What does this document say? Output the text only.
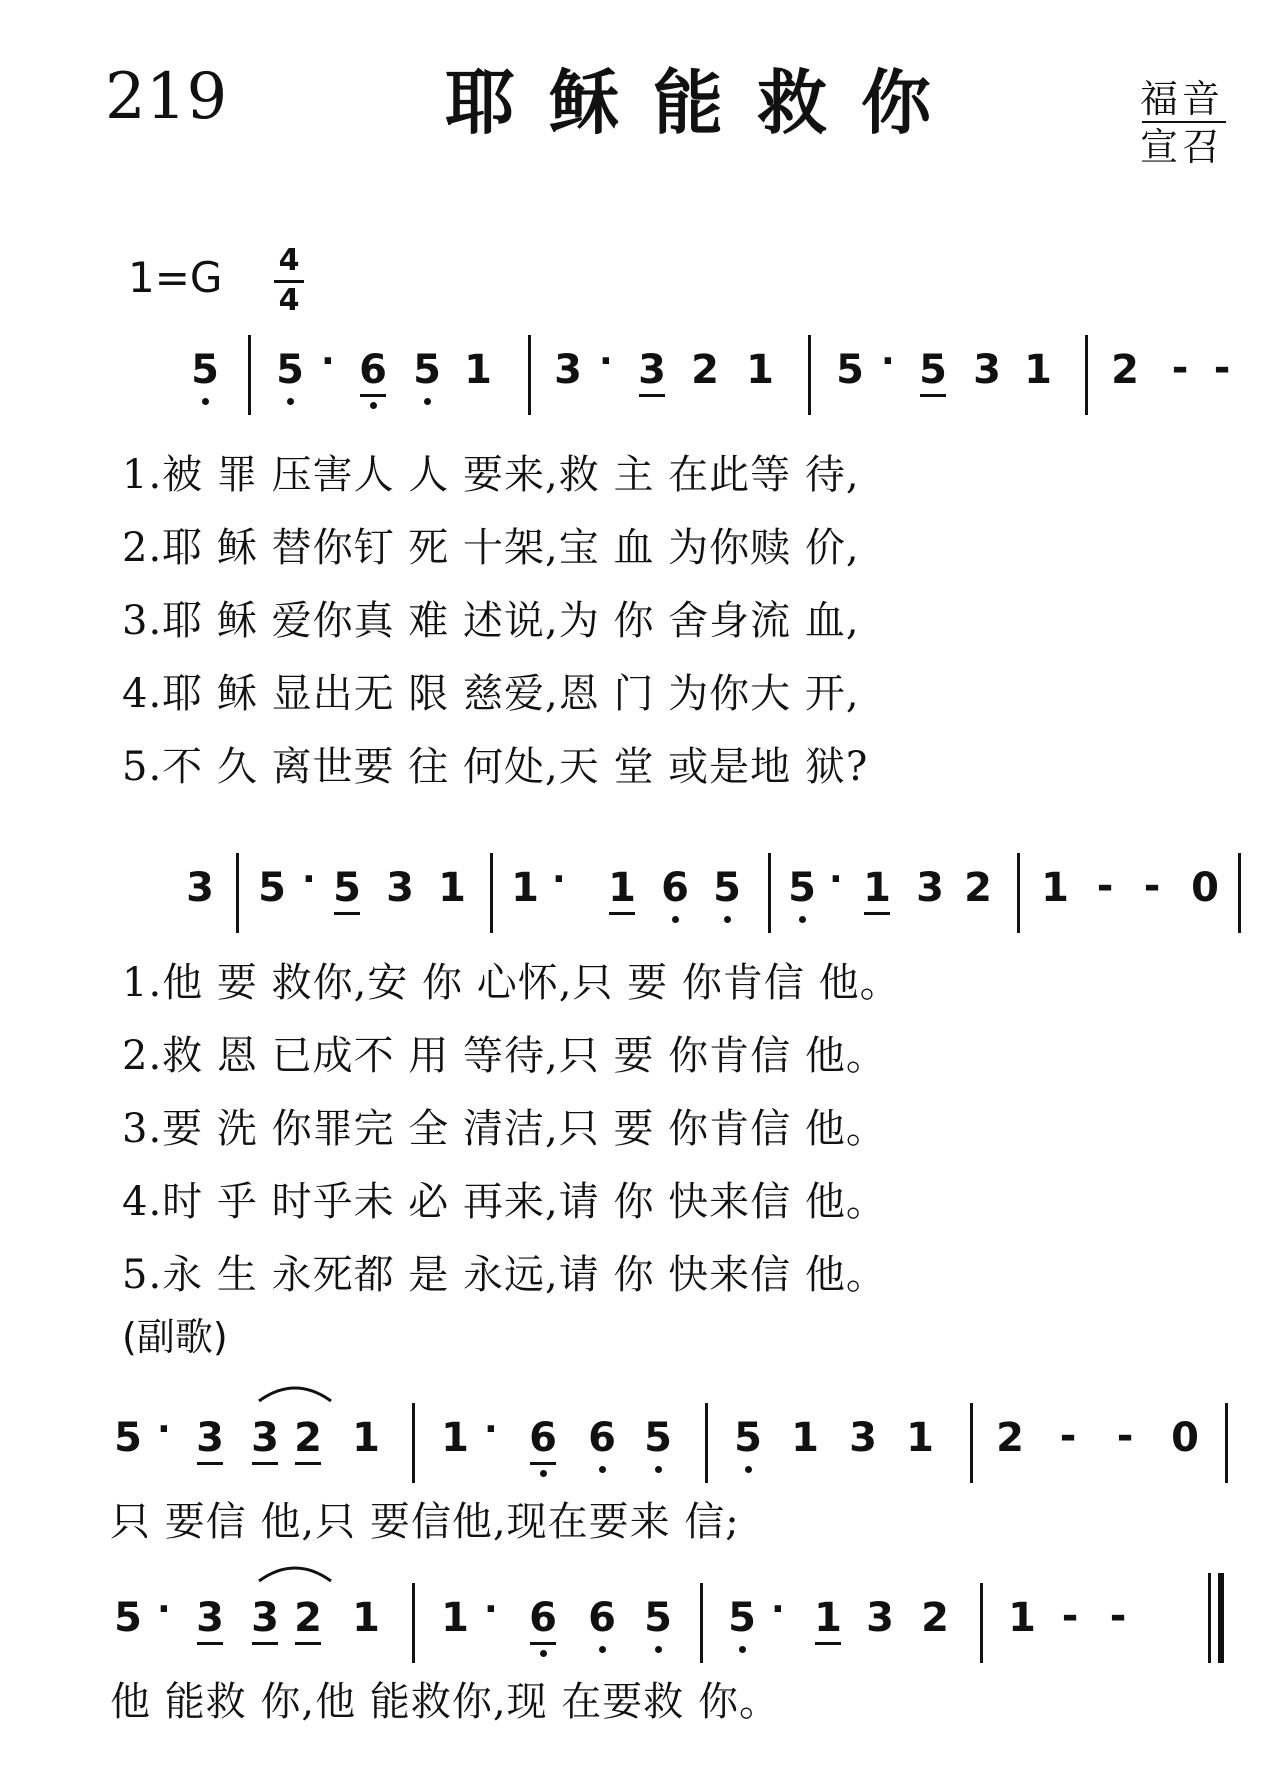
219	耶稣能救你	福音
宣召
1=G 4
4
5 5 · 6 5 1 3 · 3 2 1 5 · 5 3 1 2 - -
3 5 · 5 3 1 1 · 1 6 5 5 · 1 3 2 1 - - 0
5 · 3 3 2 1 1 · 6 6 5 5 1 3 1 2 - - 0
5 · 3 3 2 1 1 · 6 6 5 5 · 1 3 2 1 - -
1.被 罪 压害人 人 要来,救 主 在此等 待,
2.耶 稣 替你钉 死 十架,宝 血 为你赎 价,
3.耶 稣 爱你真 难 述说,为 你 舍身流 血,
4.耶 稣 显出无 限 慈爱,恩 门 为你大 开,
5.不 久 离世要 往 何处,天 堂 或是地 狱?
1.他 要 救你,安 你 心怀,只 要 你肯信 他。
2.救 恩 已成不 用 等待,只 要 你肯信 他。
3.要 洗 你罪完 全 清洁,只 要 你肯信 他。
4.时 乎 时乎未 必 再来,请 你 快来信 他。
5.永 生 永死都 是 永远,请 你 快来信 他。
(副歌)
只 要信 他,只 要信他,现在要来 信;
他 能救 你,他 能救你,现 在要救 你。
